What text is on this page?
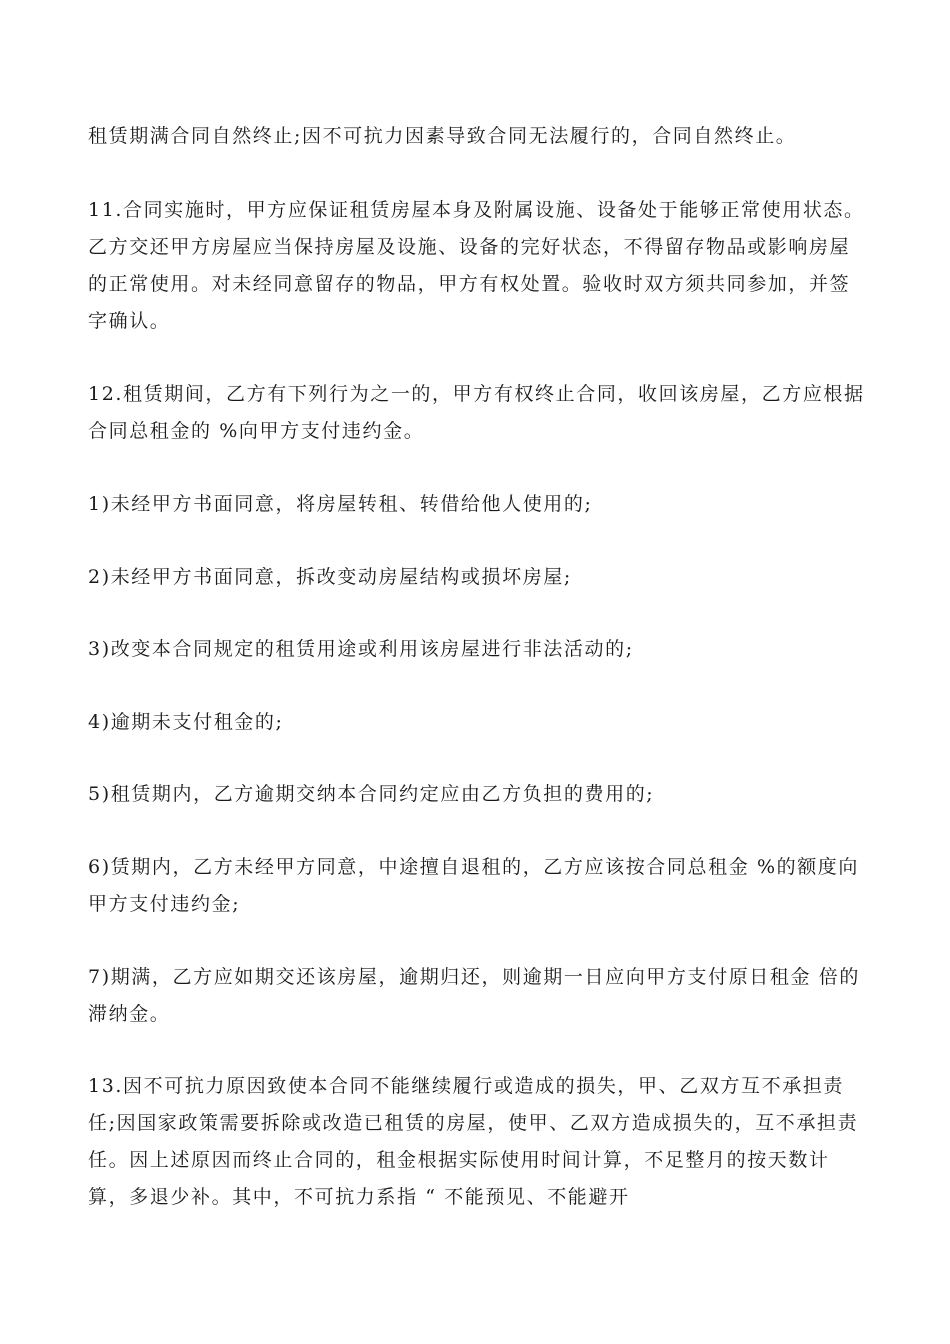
租赁期满合同自然终止;因不可抗力因素导致合同无法履行的，合同自然终止。

11.合同实施时，甲方应保证租赁房屋本身及附属设施、设备处于能够正常使用状态。乙方交还甲方房屋应当保持房屋及设施、设备的完好状态，不得留存物品或影响房屋的正常使用。对未经同意留存的物品，甲方有权处置。验收时双方须共同参加，并签字确认。

12.租赁期间，乙方有下列行为之一的，甲方有权终止合同，收回该房屋，乙方应根据合同总租金的 %向甲方支付违约金。

1)未经甲方书面同意，将房屋转租、转借给他人使用的;

2)未经甲方书面同意，拆改变动房屋结构或损坏房屋;

3)改变本合同规定的租赁用途或利用该房屋进行非法活动的;

4)逾期未支付租金的;

5)租赁期内，乙方逾期交纳本合同约定应由乙方负担的费用的;

6)赁期内，乙方未经甲方同意，中途擅自退租的，乙方应该按合同总租金 %的额度向甲方支付违约金;

7)期满，乙方应如期交还该房屋，逾期归还，则逾期一日应向甲方支付原日租金 倍的滞纳金。

13.因不可抗力原因致使本合同不能继续履行或造成的损失，甲、乙双方互不承担责任;因国家政策需要拆除或改造已租赁的房屋，使甲、乙双方造成损失的，互不承担责任。因上述原因而终止合同的，租金根据实际使用时间计算，不足整月的按天数计算，多退少补。其中，不可抗力系指 “ 不能预见、不能避开
